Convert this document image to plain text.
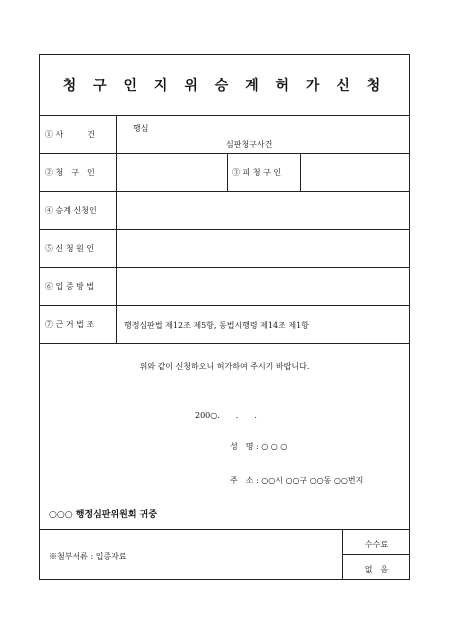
청 구 인 지 위 승 계 허 가 신 청
① 사　　　건
행심
심판청구사건
② 청　구　인	③ 피 청 구 인
④ 승계 신청인
⑤ 신 청 원 인
⑥ 입 증 방 법
⑦ 근 거 법 조	행정심판법 제12조 제5항, 동법시행령 제14조 제1항
위와 같이 신청하오니 허가하여 주시기 바랍니다.
200○.　　.　　.
성　명 : ○ ○ ○
주　소 : ○○시 ○○구 ○○동 ○○번지
○○○ 행정심판위원회 귀중
※첨부서류 : 입증자료
수수료
없　음
